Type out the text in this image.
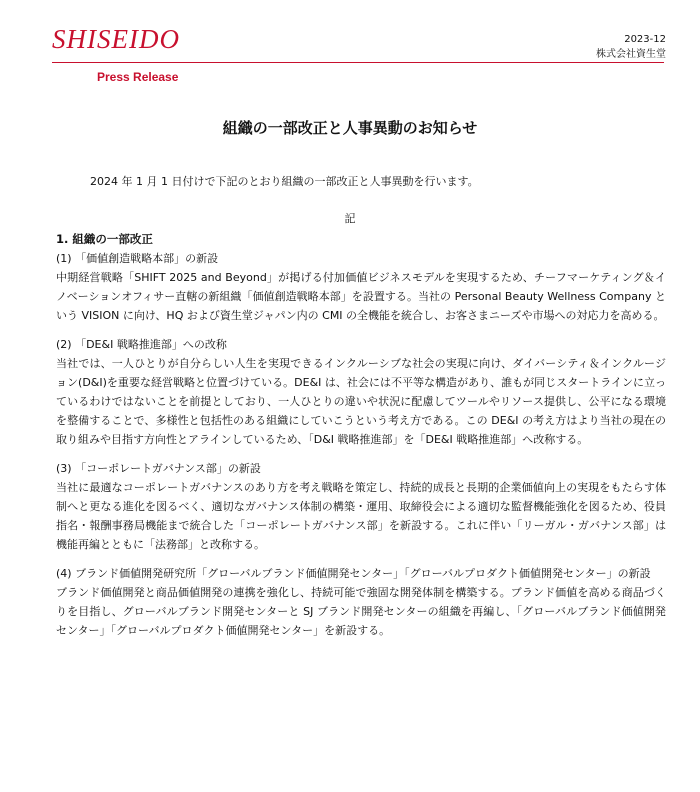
SHISEIDO
Press Release
2023-12
株式会社資生堂
組織の一部改正と人事異動のお知らせ
2024 年 1 月 1 日付けで下記のとおり組織の一部改正と人事異動を行います。
記
1. 組織の一部改正
(1) 「価値創造戦略本部」の新設
中期経営戦略「SHIFT 2025 and Beyond」が掲げる付加価値ビジネスモデルを実現するため、チーフマーケティング＆イノベーションオフィサー直轄の新組織「価値創造戦略本部」を設置する。当社の Personal Beauty Wellness Company という VISION に向け、HQ および資生堂ジャパン内の CMI の全機能を統合し、お客さまニーズや市場への対応力を高める。
(2) 「DE&I 戦略推進部」への改称
当社では、一人ひとりが自分らしい人生を実現できるインクルーシブな社会の実現に向け、ダイバーシティ＆インクルージョン(D&I)を重要な経営戦略と位置づけている。DE&I は、社会には不平等な構造があり、誰もが同じスタートラインに立っているわけではないことを前提としており、一人ひとりの違いや状況に配慮してツールやリソース提供し、公平になる環境を整備することで、多様性と包括性のある組織にしていこうという考え方である。この DE&I の考え方はより当社の現在の取り組みや目指す方向性とアラインしているため、「D&I 戦略推進部」を「DE&I 戦略推進部」へ改称する。
(3) 「コーポレートガバナンス部」の新設
当社に最適なコーポレートガバナンスのあり方を考え戦略を策定し、持続的成長と長期的企業価値向上の実現をもたらす体制へと更なる進化を図るべく、適切なガバナンス体制の構築・運用、取締役会による適切な監督機能強化を図るため、役員指名・報酬事務局機能まで統合した「コーポレートガバナンス部」を新設する。これに伴い「リーガル・ガバナンス部」は機能再編とともに「法務部」と改称する。
(4) ブランド価値開発研究所「グローバルブランド価値開発センター」「グローバルプロダクト価値開発センター」の新設
ブランド価値開発と商品価値開発の連携を強化し、持続可能で強固な開発体制を構築する。ブランド価値を高める商品づくりを目指し、グローバルブランド開発センターと SJ ブランド開発センターの組織を再編し、「グローバルブランド価値開発センター」「グローバルプロダクト価値開発センター」を新設する。
